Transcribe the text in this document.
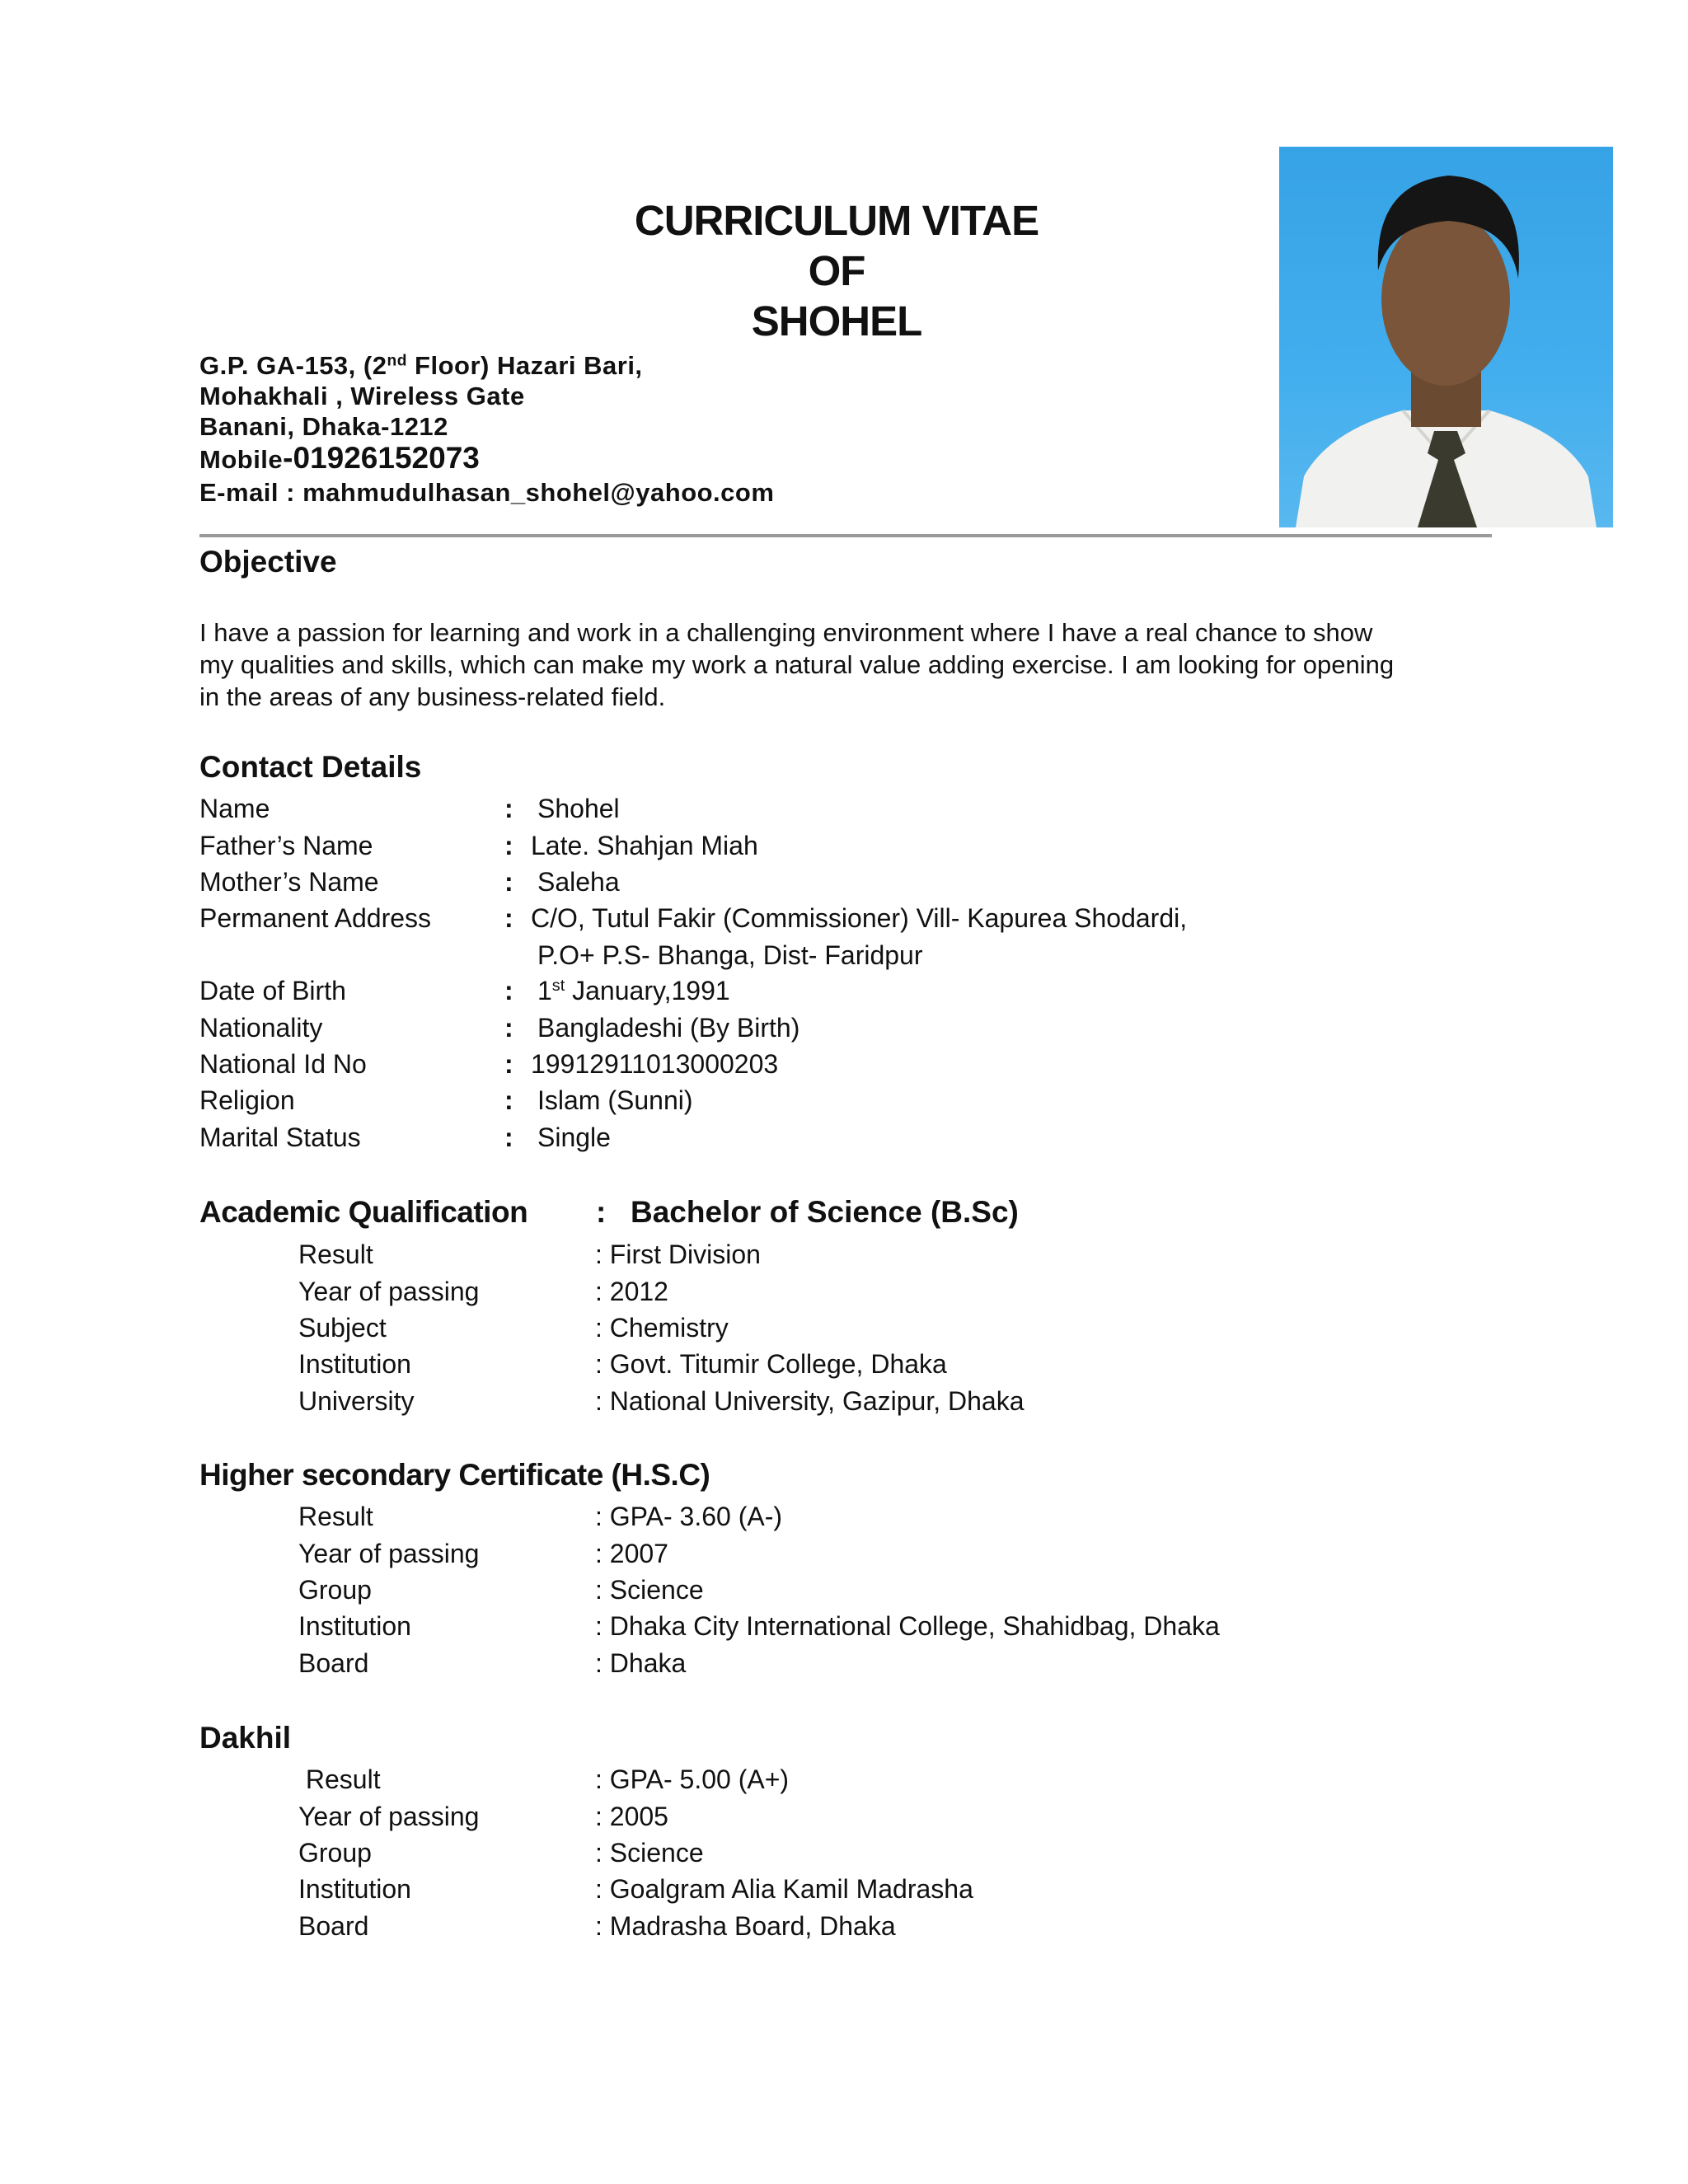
CURRICULUM VITAE
OF
SHOHEL
G.P. GA-153, (2nd Floor) Hazari Bari,
Mohakhali , Wireless Gate
Banani, Dhaka-1212
Mobile-01926152073
E-mail : mahmudulhasan_shohel@yahoo.com
Objective
I have a passion for learning and work in a challenging environment where I have a real chance to show
my qualities and skills, which can make my work a natural value adding exercise. I am looking for opening
in the areas of any business-related field.
Contact Details
Name	: Shohel
Father’s Name	: Late. Shahjan Miah
Mother’s Name	: Saleha
Permanent Address	: C/O, Tutul Fakir (Commissioner) Vill- Kapurea Shodardi,
P.O+ P.S- Bhanga, Dist- Faridpur
Date of Birth	: 1st January,1991
Nationality	: Bangladeshi (By Birth)
National Id No	: 19912911013000203
Religion	: Islam (Sunni)
Marital Status	: Single
Academic Qualification : Bachelor of Science (B.Sc)
Result	: First Division
Year of passing	: 2012
Subject	: Chemistry
Institution	: Govt. Titumir College, Dhaka
University	: National University, Gazipur, Dhaka
Higher secondary Certificate (H.S.C)
Result	: GPA- 3.60 (A-)
Year of passing	: 2007
Group	: Science
Institution	: Dhaka City International College, Shahidbag, Dhaka
Board	: Dhaka
Dakhil
Result	: GPA- 5.00 (A+)
Year of passing	: 2005
Group	: Science
Institution	: Goalgram Alia Kamil Madrasha
Board	: Madrasha Board, Dhaka
